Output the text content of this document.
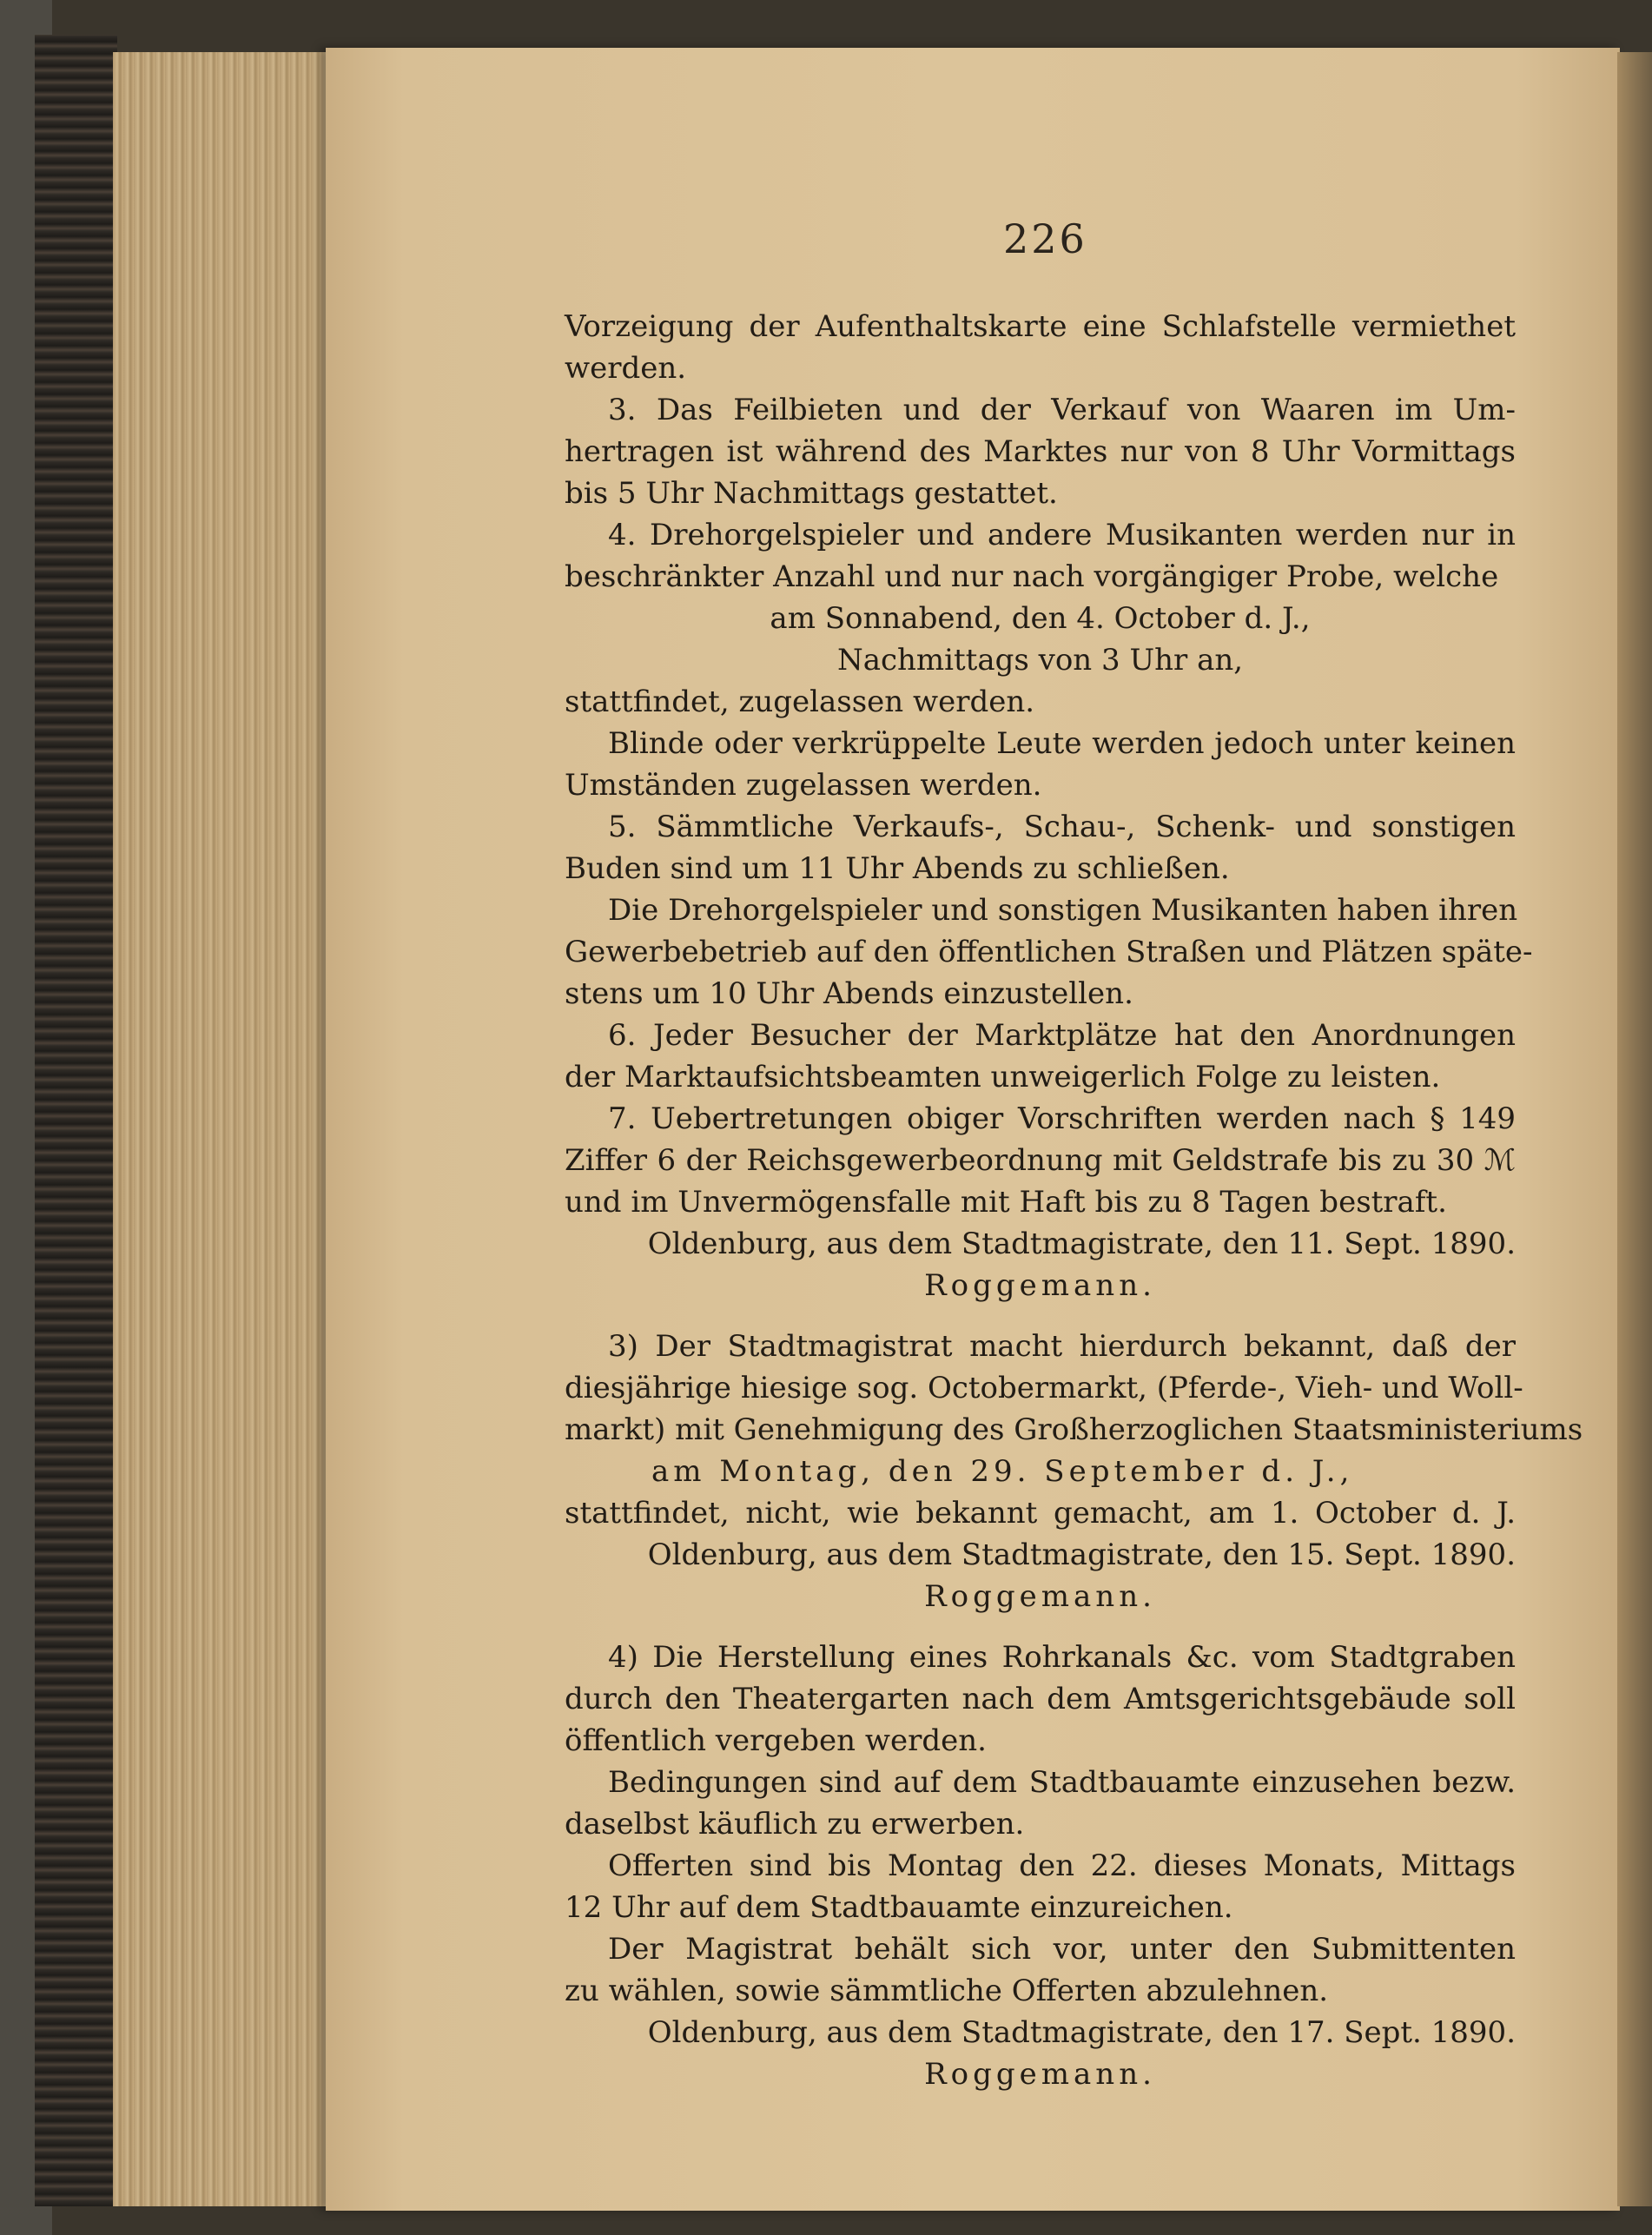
226
Vorzeigung der Aufenthaltskarte eine Schlafstelle vermiethet
werden.
3. Das Feilbieten und der Verkauf von Waaren im Um-
hertragen ist während des Marktes nur von 8 Uhr Vormittags
bis 5 Uhr Nachmittags gestattet.
4. Drehorgelspieler und andere Musikanten werden nur in
beschränkter Anzahl und nur nach vorgängiger Probe, welche
am Sonnabend, den 4. October d. J.,
Nachmittags von 3 Uhr an,
stattfindet, zugelassen werden.
Blinde oder verkrüppelte Leute werden jedoch unter keinen
Umständen zugelassen werden.
5. Sämmtliche Verkaufs-, Schau-, Schenk- und sonstigen
Buden sind um 11 Uhr Abends zu schließen.
Die Drehorgelspieler und sonstigen Musikanten haben ihren
Gewerbebetrieb auf den öffentlichen Straßen und Plätzen späte-
stens um 10 Uhr Abends einzustellen.
6. Jeder Besucher der Marktplätze hat den Anordnungen
der Marktaufsichtsbeamten unweigerlich Folge zu leisten.
7. Uebertretungen obiger Vorschriften werden nach § 149
Ziffer 6 der Reichsgewerbeordnung mit Geldstrafe bis zu 30 ℳ
und im Unvermögensfalle mit Haft bis zu 8 Tagen bestraft.
Oldenburg, aus dem Stadtmagistrate, den 11. Sept. 1890.
Roggemann.
3) Der Stadtmagistrat macht hierdurch bekannt, daß der
diesjährige hiesige sog. Octobermarkt, (Pferde-, Vieh- und Woll-
markt) mit Genehmigung des Großherzoglichen Staatsministeriums
am Montag, den 29. September d. J.,
stattfindet, nicht, wie bekannt gemacht, am 1. October d. J.
Oldenburg, aus dem Stadtmagistrate, den 15. Sept. 1890.
Roggemann.
4) Die Herstellung eines Rohrkanals &c. vom Stadtgraben
durch den Theatergarten nach dem Amtsgerichtsgebäude soll
öffentlich vergeben werden.
Bedingungen sind auf dem Stadtbauamte einzusehen bezw.
daselbst käuflich zu erwerben.
Offerten sind bis Montag den 22. dieses Monats, Mittags
12 Uhr auf dem Stadtbauamte einzureichen.
Der Magistrat behält sich vor, unter den Submittenten
zu wählen, sowie sämmtliche Offerten abzulehnen.
Oldenburg, aus dem Stadtmagistrate, den 17. Sept. 1890.
Roggemann.
